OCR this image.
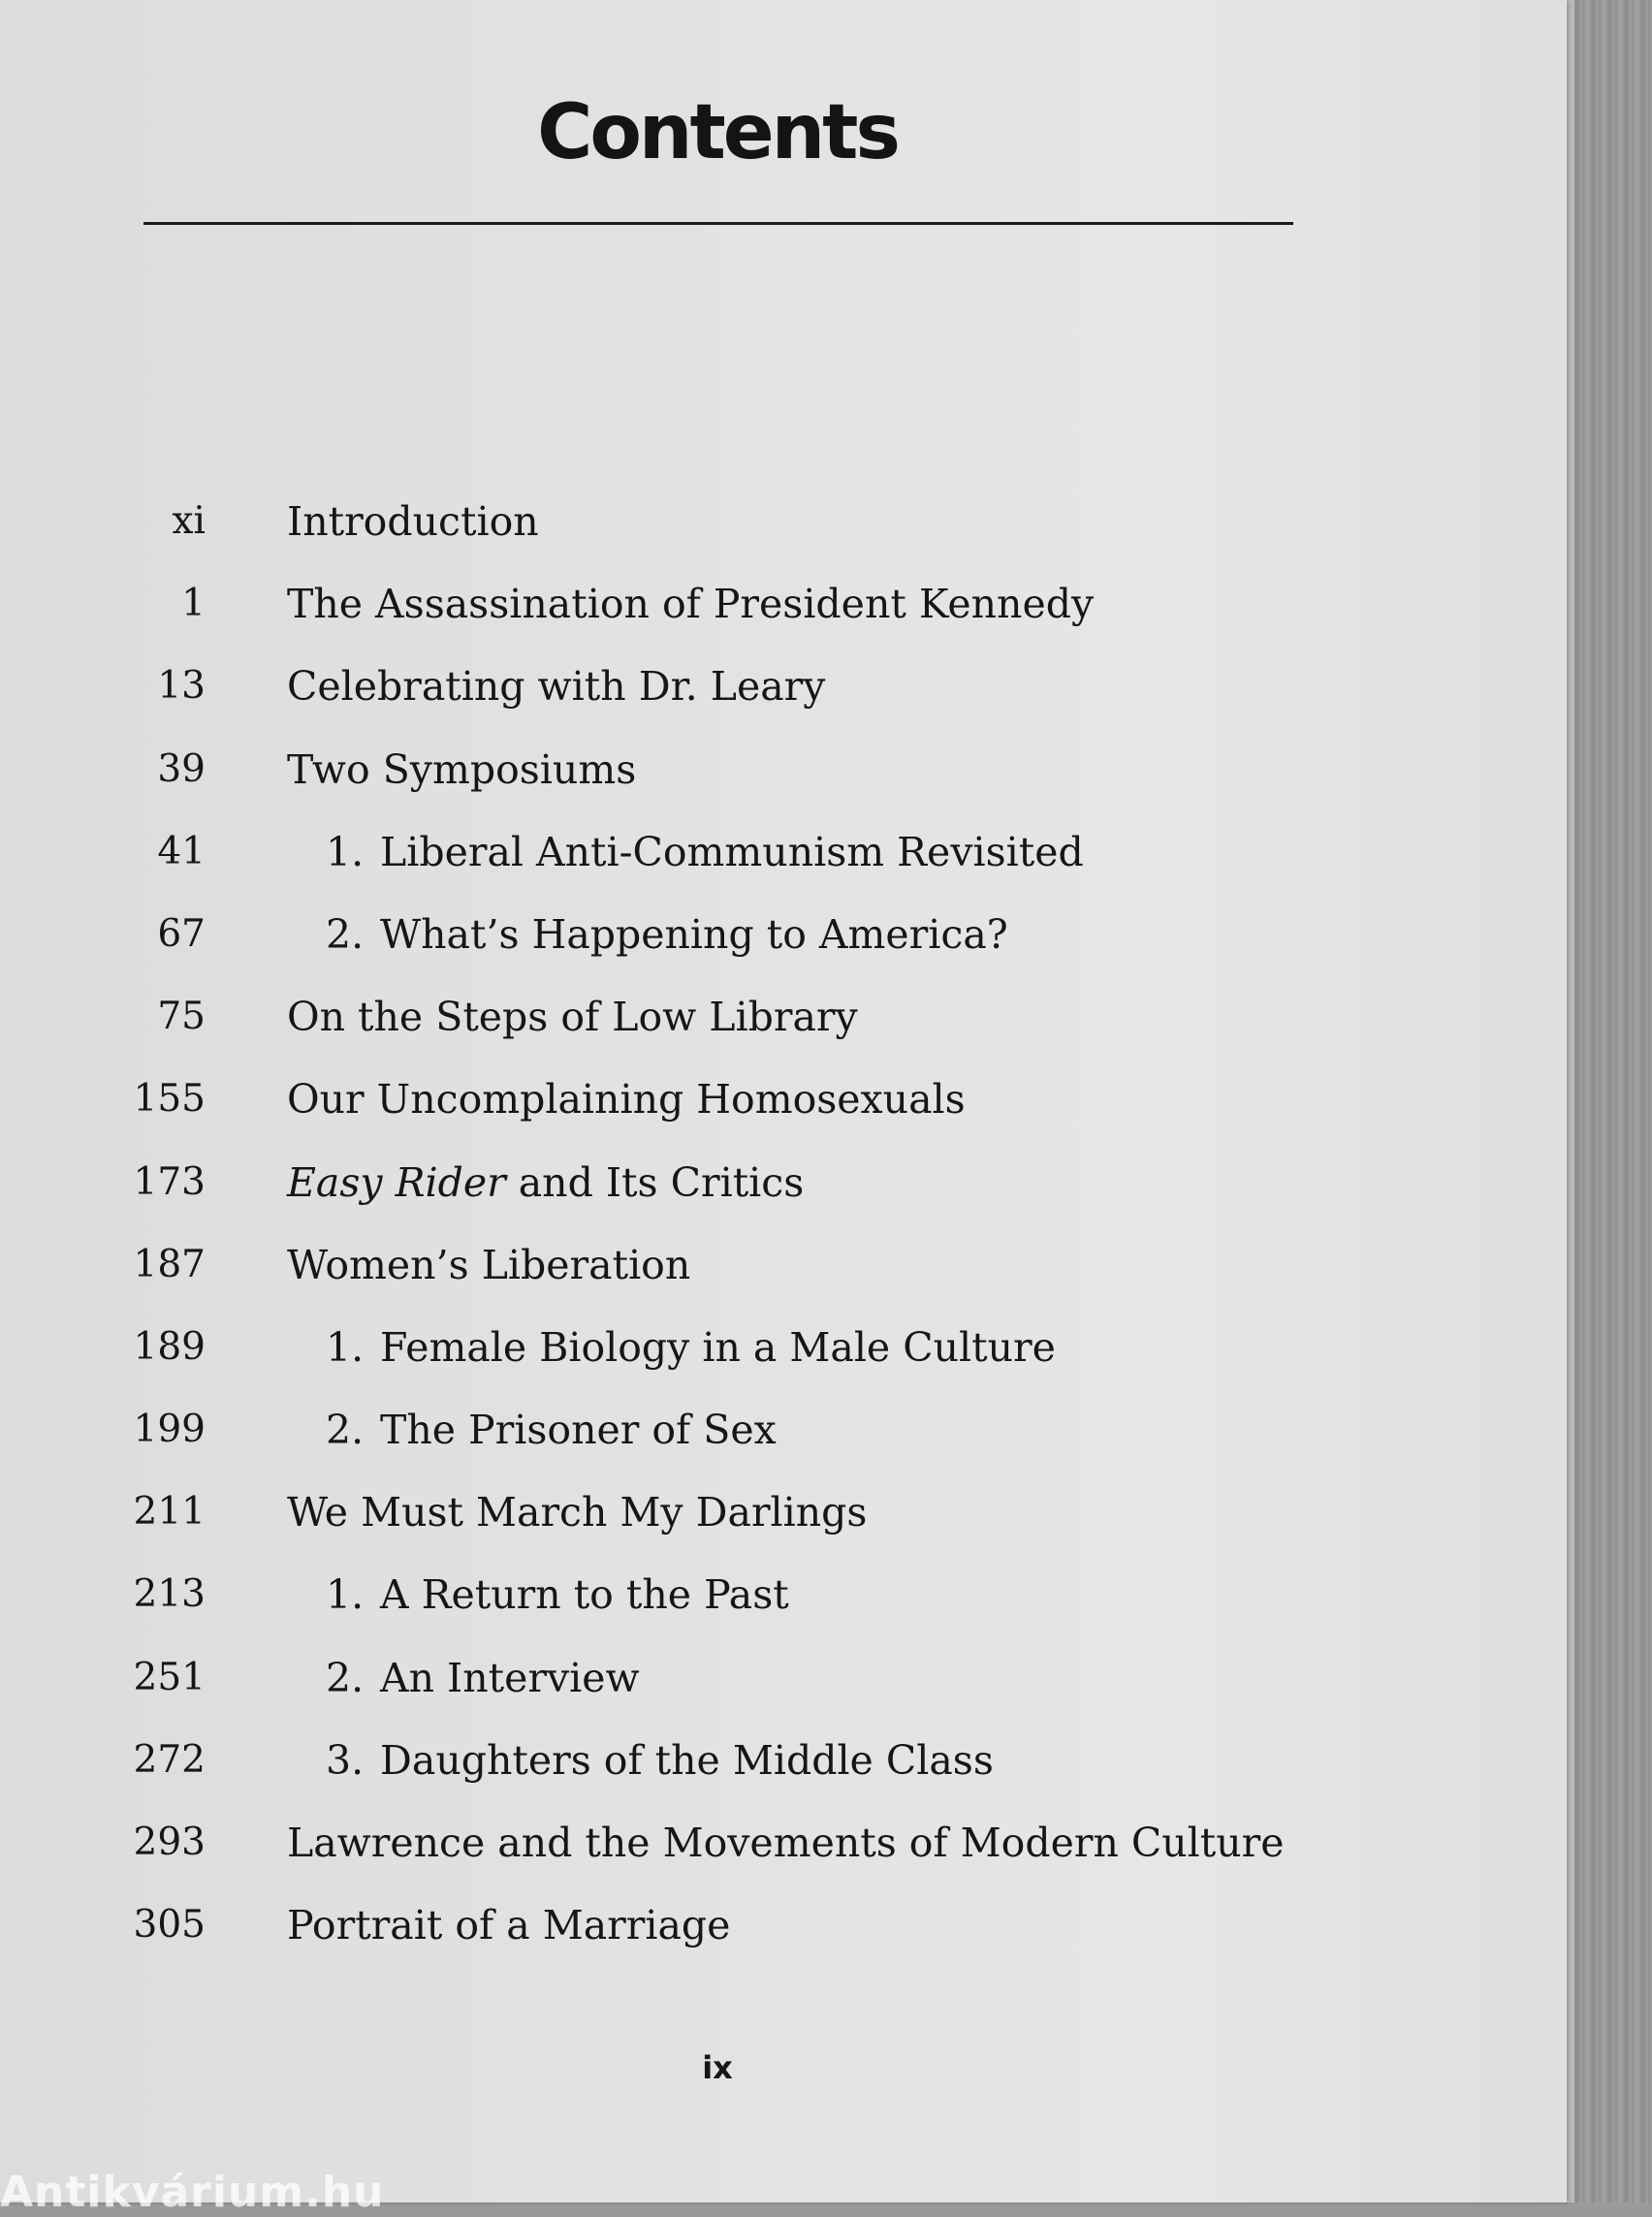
Contents
xi Introduction
1 The Assassination of President Kennedy
13 Celebrating with Dr. Leary
39 Two Symposiums
41	1. Liberal Anti-Communism Revisited
67	2. What’s Happening to America?
75 On the Steps of Low Library
155 Our Uncomplaining Homosexuals
173 Easy Rider and Its Critics
187 Women’s Liberation
189	1. Female Biology in a Male Culture
199	2. The Prisoner of Sex
211 We Must March My Darlings
213	1. A Return to the Past
251	2. An Interview
272	3. Daughters of the Middle Class
293 Lawrence and the Movements of Modern Culture
305 Portrait of a Marriage
ix
Antikvárium.hu
